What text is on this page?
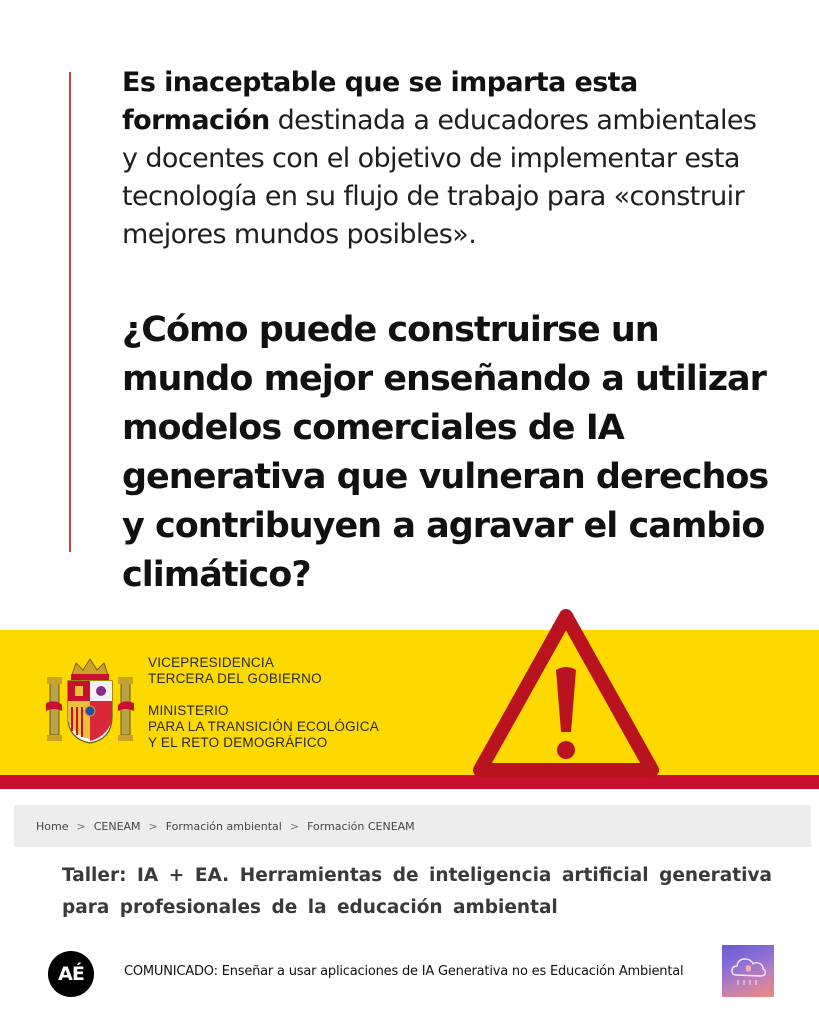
Es inaceptable que se imparta esta formación destinada a educadores ambientales y docentes con el objetivo de implementar esta tecnología en su flujo de trabajo para «construir mejores mundos posibles».

¿Cómo puede construirse un mundo mejor enseñando a utilizar modelos comerciales de IA generativa que vulneran derechos y contribuyen a agravar el cambio climático?

VICEPRESIDENCIA
TERCERA DEL GOBIERNO
MINISTERIO
PARA LA TRANSICIÓN ECOLÓGICA
Y EL RETO DEMOGRÁFICO
Home > CENEAM > Formación ambiental > Formación CENEAM
Taller: IA + EA. Herramientas de inteligencia artificial generativa para profesionales de la educación ambiental
AÉ	COMUNICADO: Enseñar a usar aplicaciones de IA Generativa no es Educación Ambiental
